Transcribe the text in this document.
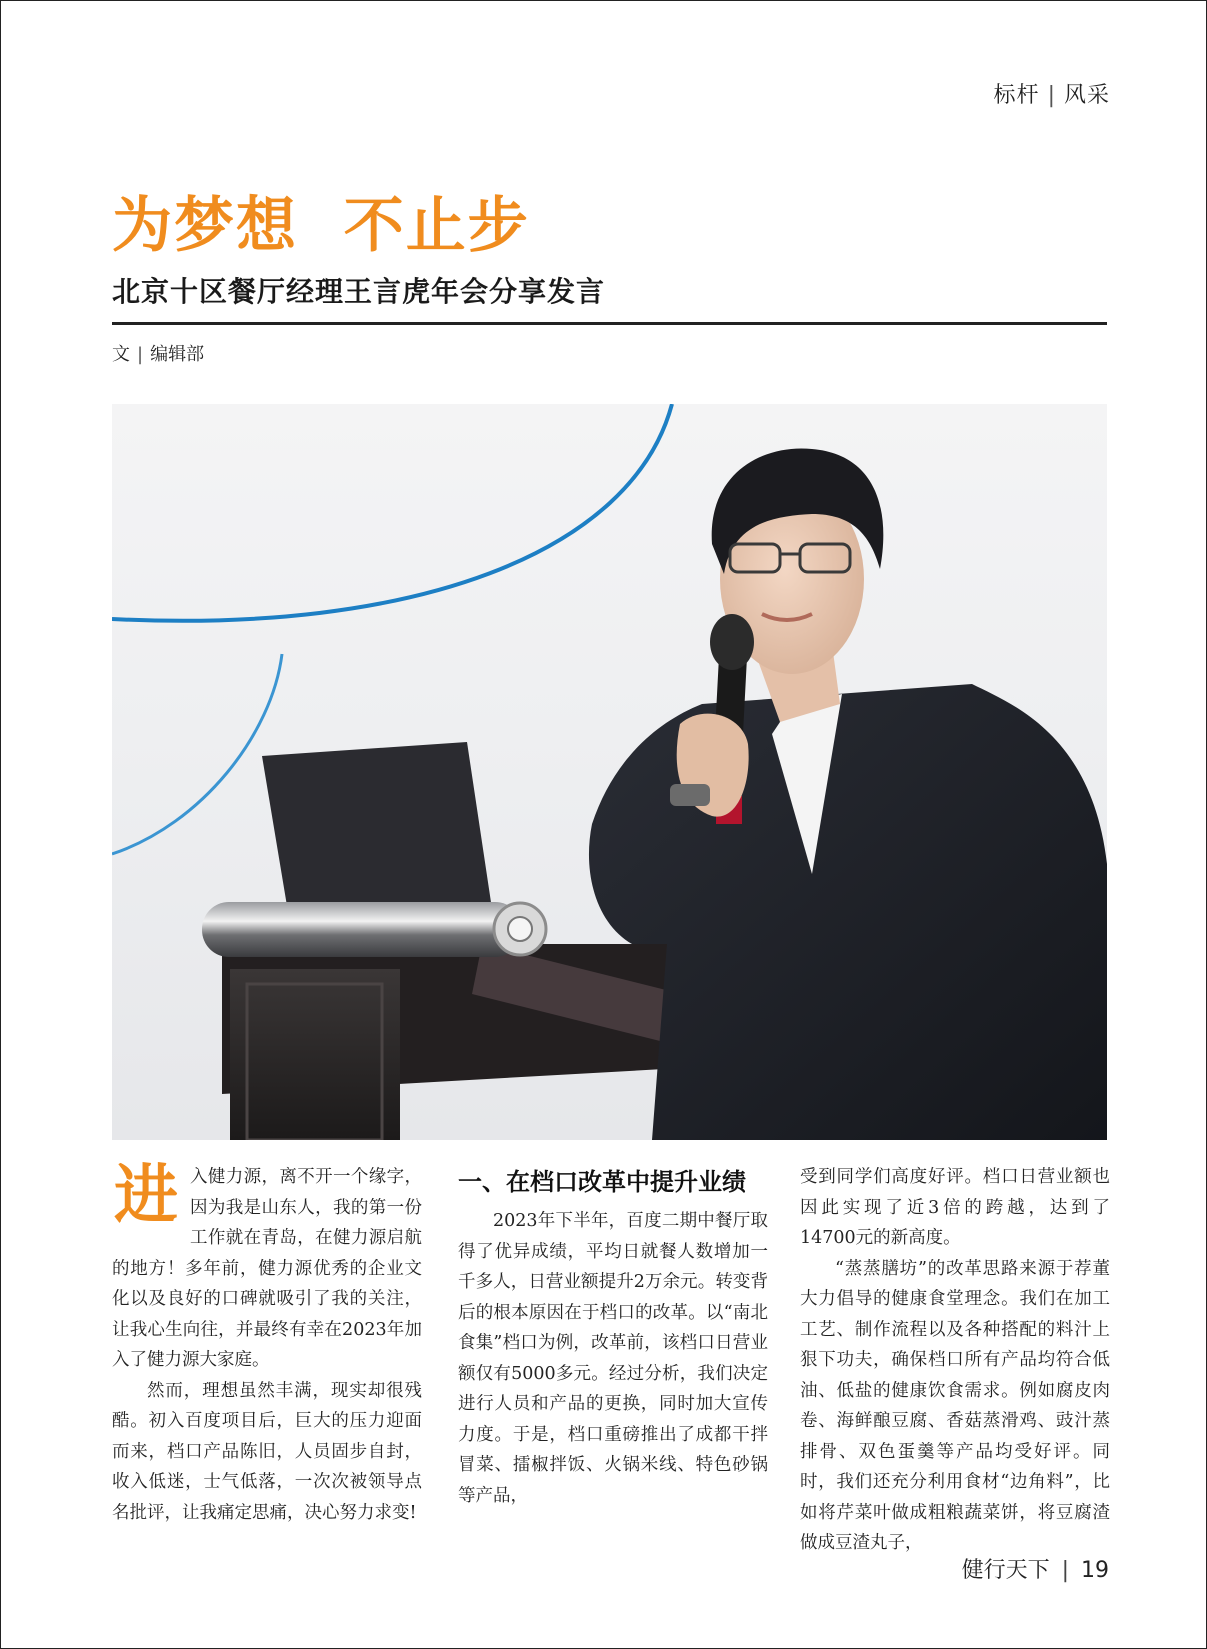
标杆 | 风采
为梦想  不止步
北京十区餐厅经理王言虎年会分享发言
文 | 编辑部
进 入健力源，离不开一个缘字，因为我是山东人，我的第一份工作就在青岛，在健力源启航的地方！多年前，健力源优秀的企业文化以及良好的口碑就吸引了我的关注，让我心生向往，并最终有幸在2023年加入了健力源大家庭。

然而，理想虽然丰满，现实却很残酷。初入百度项目后，巨大的压力迎面而来，档口产品陈旧，人员固步自封，收入低迷，士气低落，一次次被领导点名批评，让我痛定思痛，决心努力求变!

一、在档口改革中提升业绩

2023年下半年，百度二期中餐厅取得了优异成绩，平均日就餐人数增加一千多人，日营业额提升2万余元。转变背后的根本原因在于档口的改革。以“南北食集”档口为例，改革前，该档口日营业额仅有5000多元。经过分析，我们决定进行人员和产品的更换，同时加大宣传力度。于是，档口重磅推出了成都干拌冒菜、擂椒拌饭、火锅米线、特色砂锅等产品，

受到同学们高度好评。档口日营业额也因此实现了近3倍的跨越，达到了14700元的新高度。

“蒸蒸膳坊”的改革思路来源于荐董大力倡导的健康食堂理念。我们在加工工艺、制作流程以及各种搭配的料汁上狠下功夫，确保档口所有产品均符合低油、低盐的健康饮食需求。例如腐皮肉卷、海鲜酿豆腐、香菇蒸滑鸡、豉汁蒸排骨、双色蛋羹等产品均受好评。同时，我们还充分利用食材“边角料”，比如将芹菜叶做成粗粮蔬菜饼，将豆腐渣做成豆渣丸子，

健行天下 | 19
